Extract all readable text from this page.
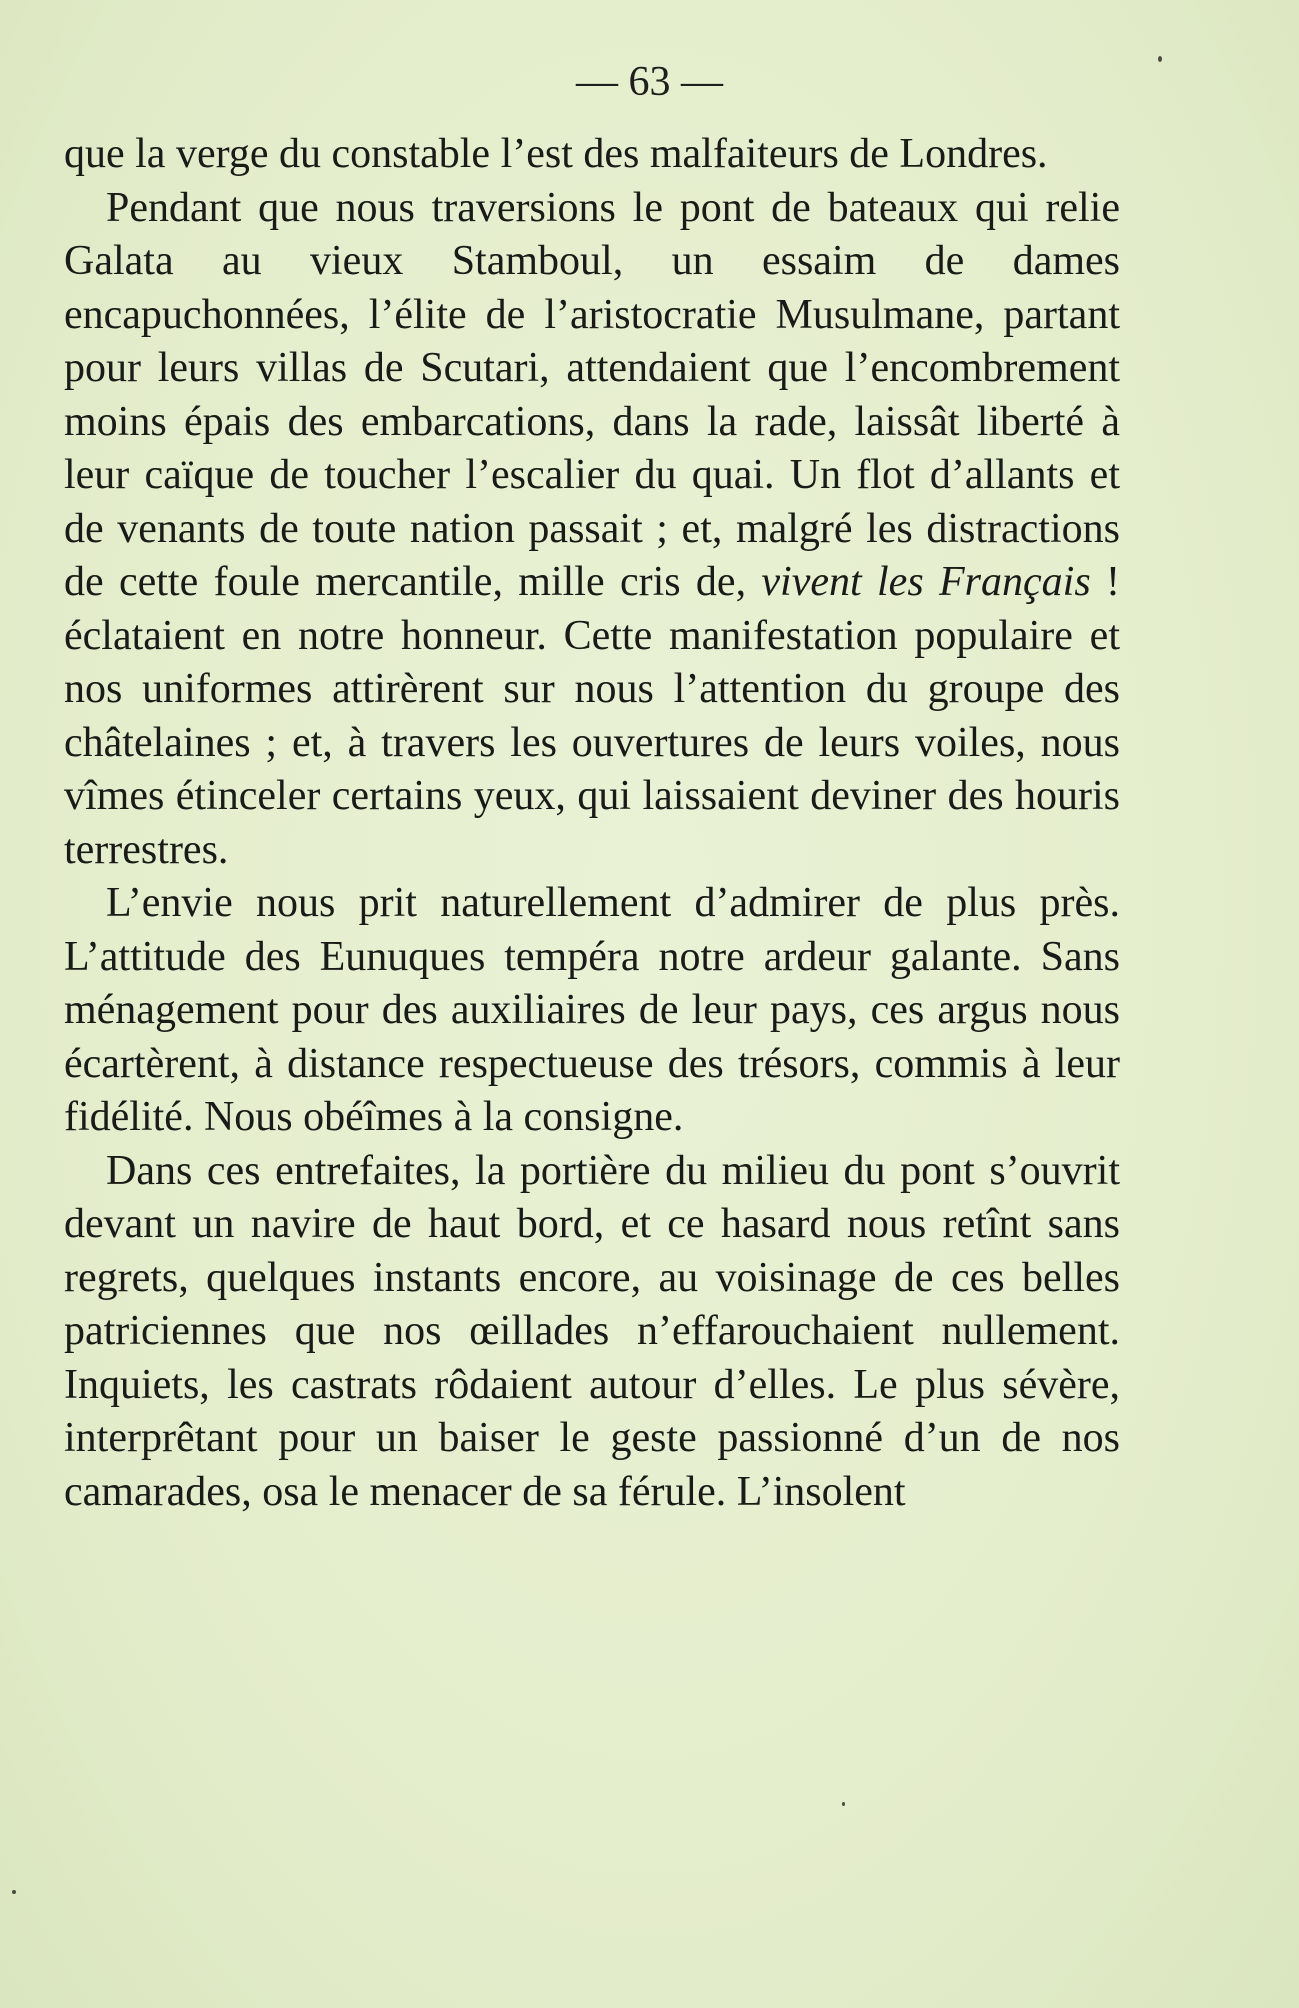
— 63 —

que la verge du constable l’est des malfaiteurs de Londres.

Pendant que nous traversions le pont de bateaux qui relie Galata au vieux Stamboul, un essaim de dames encapuchonnées, l’élite de l’aristocratie Musulmane, partant pour leurs villas de Scutari, attendaient que l’encombrement moins épais des embarcations, dans la rade, laissât liberté à leur caïque de toucher l’escalier du quai. Un flot d’allants et de venants de toute nation passait ; et, malgré les distractions de cette foule mercantile, mille cris de, vivent les Français ! éclataient en notre honneur. Cette manifestation populaire et nos uniformes attirèrent sur nous l’attention du groupe des châtelaines ; et, à travers les ouvertures de leurs voiles, nous vîmes étinceler certains yeux, qui laissaient deviner des houris terrestres.

L’envie nous prit naturellement d’admirer de plus près. L’attitude des Eunuques tempéra notre ardeur galante. Sans ménagement pour des auxiliaires de leur pays, ces argus nous écartèrent, à distance respectueuse des trésors, commis à leur fidélité. Nous obéîmes à la consigne.

Dans ces entrefaites, la portière du milieu du pont s’ouvrit devant un navire de haut bord, et ce hasard nous retînt sans regrets, quelques instants encore, au voisinage de ces belles patriciennes que nos œillades n’effarouchaient nullement. Inquiets, les castrats rôdaient autour d’elles. Le plus sévère, interprêtant pour un baiser le geste passionné d’un de nos camarades, osa le menacer de sa férule. L’insolent
